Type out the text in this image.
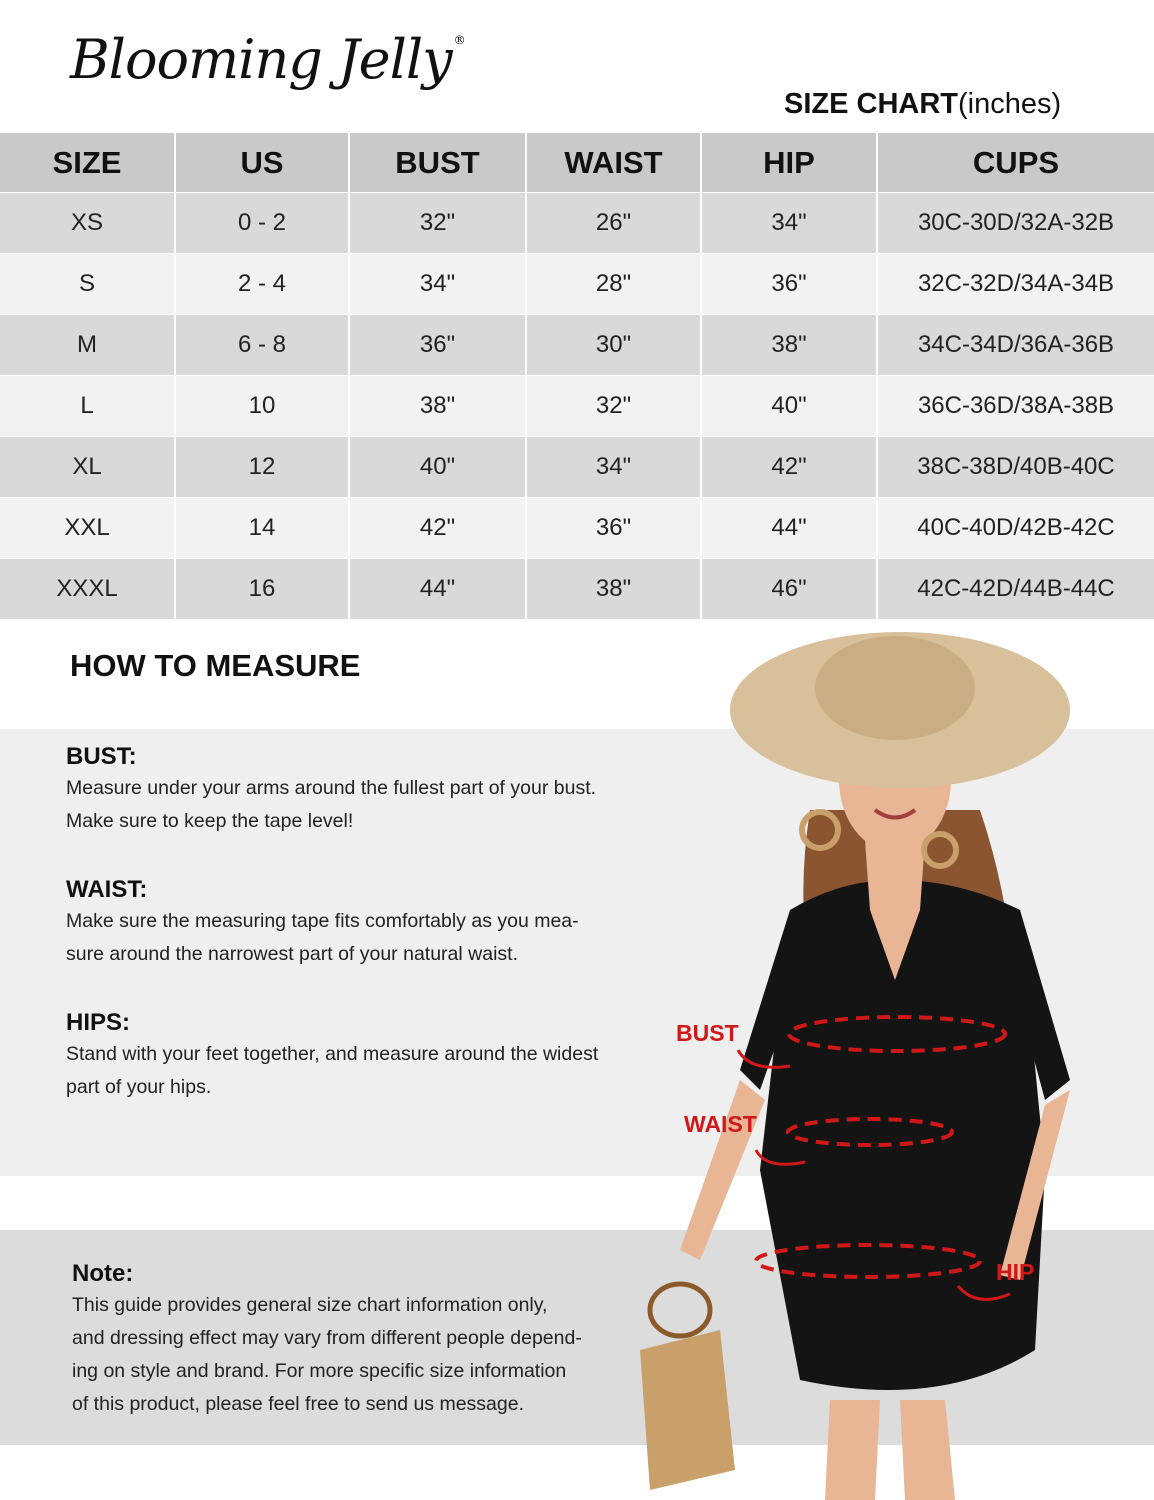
Blooming Jelly ®
SIZE CHART(inches)
SIZE	US	BUST	WAIST	HIP	CUPS
XS	0 - 2	32"	26"	34"	30C-30D/32A-32B
S	2 - 4	34"	28"	36"	32C-32D/34A-34B
M	6 - 8	36"	30"	38"	34C-34D/36A-36B
L	10	38"	32"	40"	36C-36D/38A-38B
XL	12	40"	34"	42"	38C-38D/40B-40C
XXL	14	42"	36"	44"	40C-40D/42B-42C
XXXL	16	44"	38"	46"	42C-42D/44B-44C
HOW TO MEASURE
BUST:
Measure under your arms around the fullest part of your bust.
Make sure to keep the tape level!
WAIST:
Make sure the measuring tape fits comfortably as you mea-
sure around the narrowest part of your natural waist.
HIPS:
Stand with your feet together, and measure around the widest
part of your hips.
Note:
This guide provides general size chart information only,
and dressing effect may vary from different people depend-
ing on style and brand. For more specific size information
of this product, please feel free to send us message.
BUST
WAIST
HIP
